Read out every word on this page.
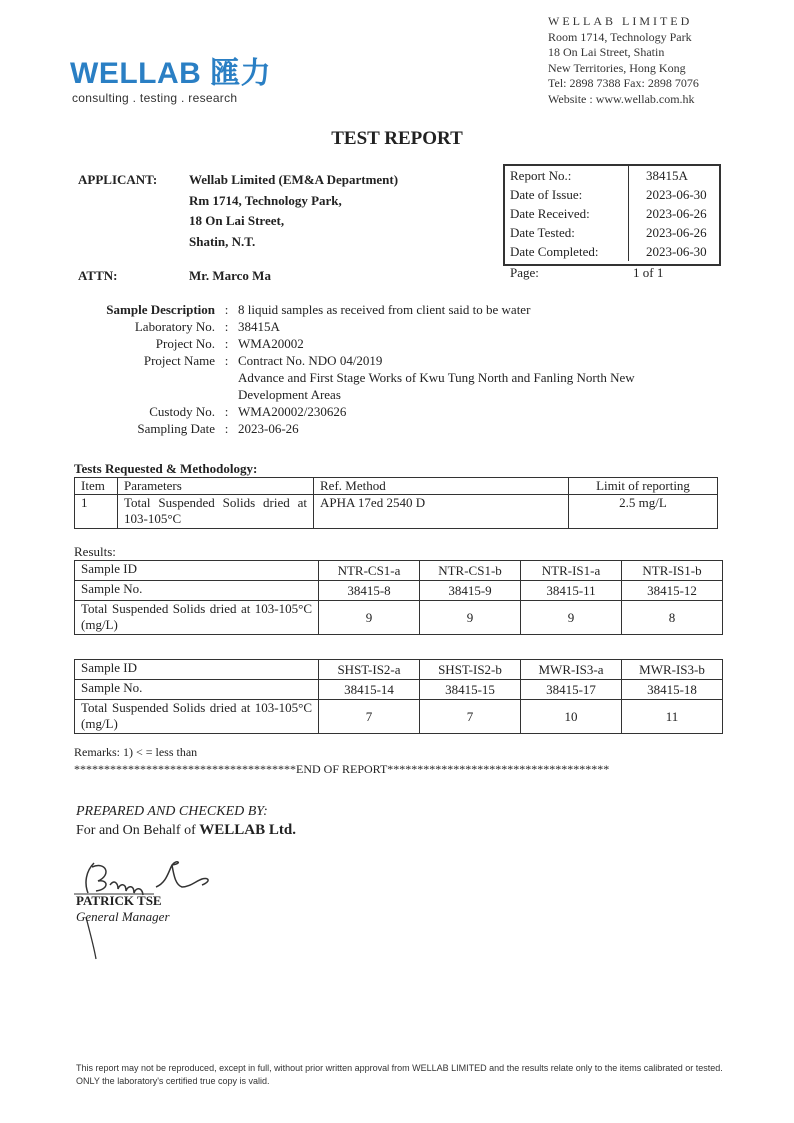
WELLAB 匯力
consulting . testing . research
WELLAB LIMITED
Room 1714, Technology Park
18 On Lai Street, Shatin
New Territories, Hong Kong
Tel: 2898 7388 Fax: 2898 7076
Website : www.wellab.com.hk
TEST REPORT
APPLICANT: Wellab Limited (EM&A Department)
Rm 1714, Technology Park,
18 On Lai Street,
Shatin, N.T.
ATTN:	Mr. Marco Ma
Report No.:	38415A
Date of Issue:	2023-06-30
Date Received:	2023-06-26
Date Tested:	2023-06-26
Date Completed:	2023-06-30
Page:	1 of 1
Sample Description	:	8 liquid samples as received from client said to be water
Laboratory No.	:	38415A
Project No.	:	WMA20002
Project Name	:	Contract No. NDO 04/2019
		Advance and First Stage Works of Kwu Tung North and Fanling North New Development Areas
Custody No.	:	WMA20002/230626
Sampling Date	:	2023-06-26
Tests Requested & Methodology:
Item	Parameters	Ref. Method	Limit of reporting
1	Total Suspended Solids dried at 103-105°C	APHA 17ed 2540 D	2.5 mg/L
Results:
Sample ID	NTR-CS1-a	NTR-CS1-b	NTR-IS1-a	NTR-IS1-b
Sample No.	38415-8	38415-9	38415-11	38415-12
Total Suspended Solids dried at 103-105°C (mg/L)	9	9	9	8
Sample ID	SHST-IS2-a	SHST-IS2-b	MWR-IS3-a	MWR-IS3-b
Sample No.	38415-14	38415-15	38415-17	38415-18
Total Suspended Solids dried at 103-105°C (mg/L)	7	7	10	11
Remarks: 1) < = less than
*************************************END OF REPORT*************************************
PREPARED AND CHECKED BY:
For and On Behalf of WELLAB Ltd.
PATRICK TSE
General Manager
This report may not be reproduced, except in full, without prior written approval from WELLAB LIMITED and the results relate only to the items calibrated or tested. ONLY the laboratory's certified true copy is valid.
